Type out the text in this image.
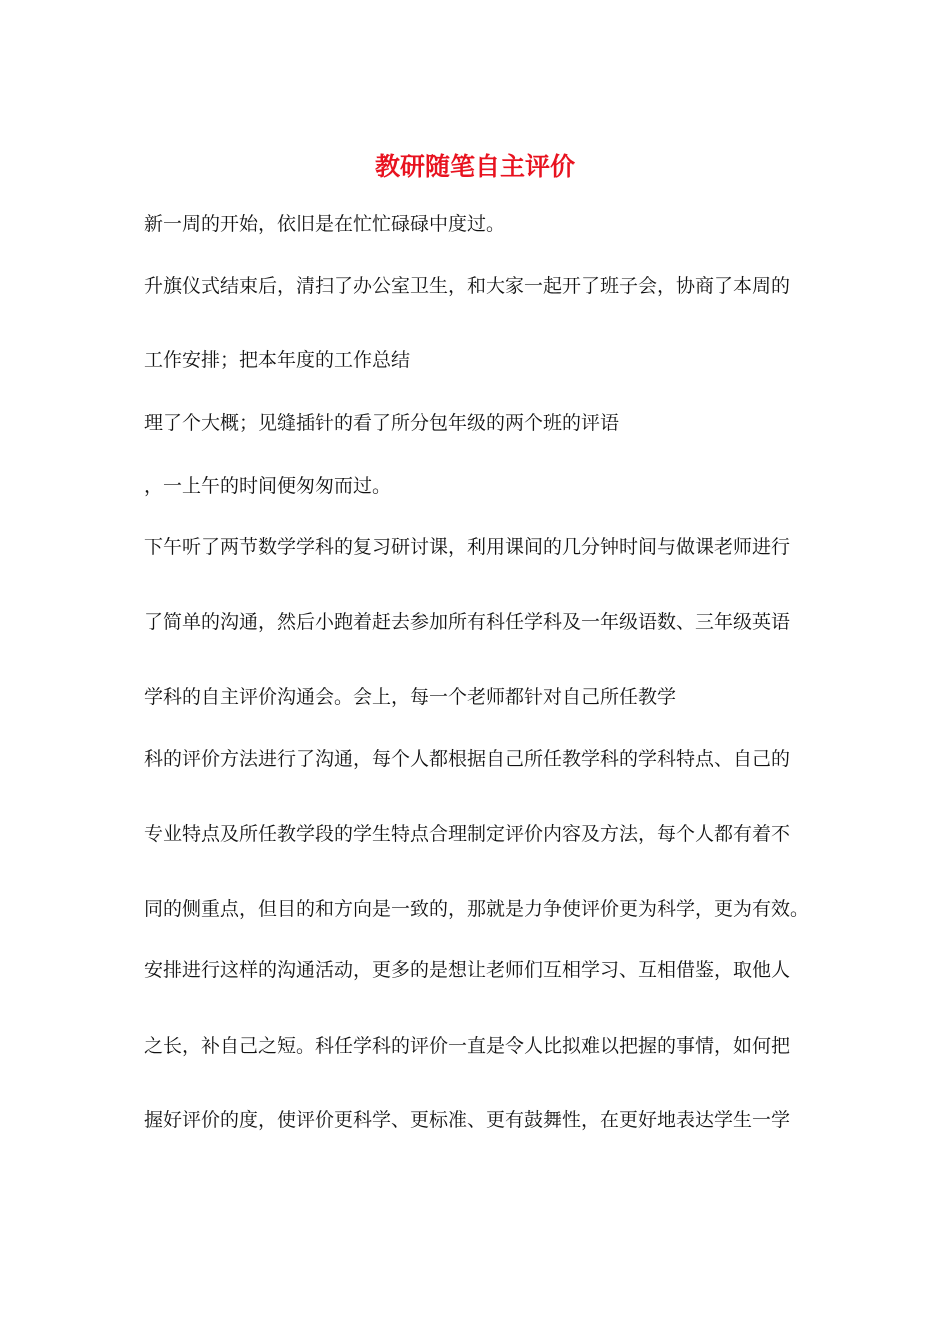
教研随笔自主评价
新一周的开始，依旧是在忙忙碌碌中度过。
升旗仪式结束后，清扫了办公室卫生，和大家一起开了班子会，协商了本周的
工作安排；把本年度的工作总结
理了个大概；见缝插针的看了所分包年级的两个班的评语
，一上午的时间便匆匆而过。
下午听了两节数学学科的复习研讨课，利用课间的几分钟时间与做课老师进行
了简单的沟通，然后小跑着赶去参加所有科任学科及一年级语数、三年级英语
学科的自主评价沟通会。会上，每一个老师都针对自己所任教学
科的评价方法进行了沟通，每个人都根据自己所任教学科的学科特点、自己的
专业特点及所任教学段的学生特点合理制定评价内容及方法，每个人都有着不
同的侧重点，但目的和方向是一致的，那就是力争使评价更为科学，更为有效。
安排进行这样的沟通活动，更多的是想让老师们互相学习、互相借鉴，取他人
之长，补自己之短。科任学科的评价一直是令人比拟难以把握的事情，如何把
握好评价的度，使评价更科学、更标准、更有鼓舞性，在更好地表达学生一学
